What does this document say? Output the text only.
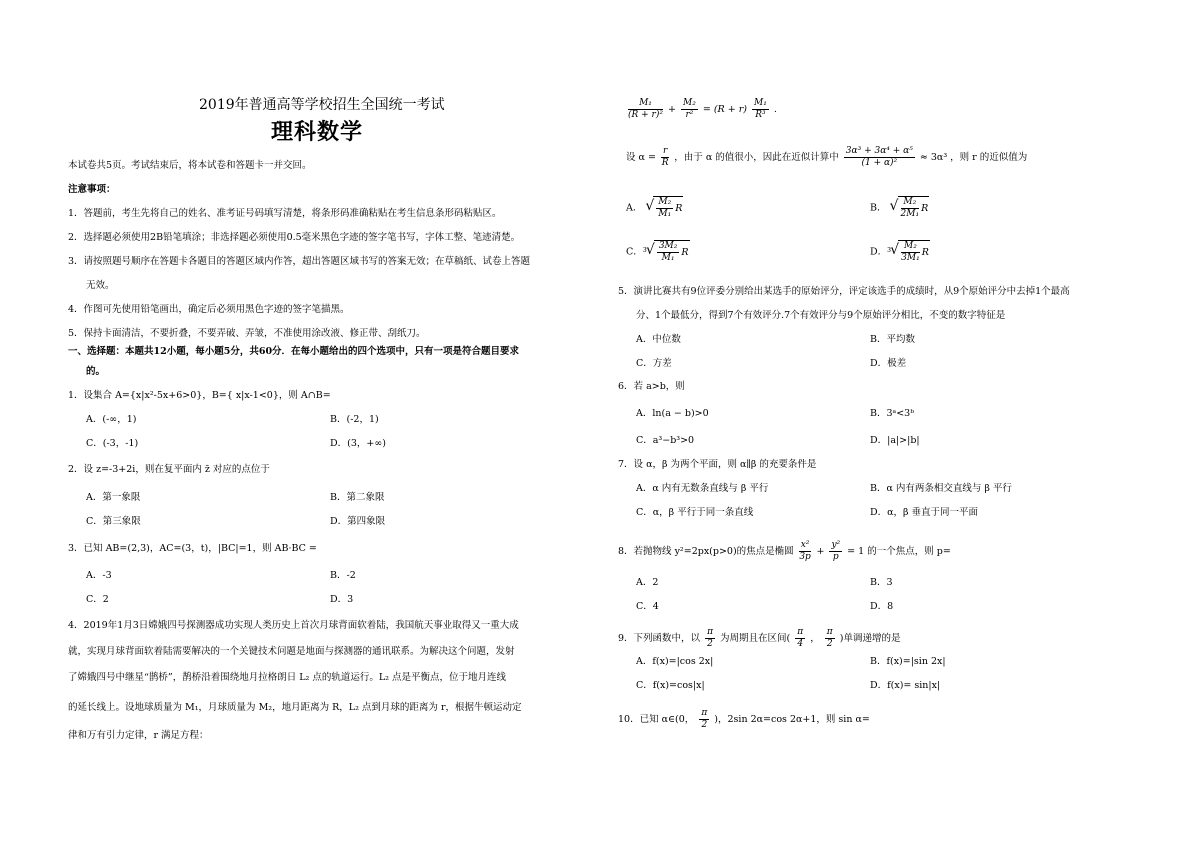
2019年普通高等学校招生全国统一考试
理科数学
本试卷共5页。考试结束后，将本试卷和答题卡一并交回。
注意事项：
1．答题前，考生先将自己的姓名、准考证号码填写清楚，将条形码准确粘贴在考生信息条形码粘贴区。
2．选择题必须使用2B铅笔填涂；非选择题必须使用0.5毫米黑色字迹的签字笔书写，字体工整、笔迹清楚。
3．请按照题号顺序在答题卡各题目的答题区域内作答，超出答题区域书写的答案无效；在草稿纸、试卷上答题
无效。
4．作图可先使用铅笔画出，确定后必须用黑色字迹的签字笔描黑。
5．保持卡面清洁，不要折叠，不要弄破、弄皱，不准使用涂改液、修正带、刮纸刀。
一、选择题：本题共12小题，每小题5分，共60分．在每小题给出的四个选项中，只有一项是符合题目要求
的。
1．设集合 A={x|x²-5x+6>0}，B={ x|x-1<0}，则 A∩B=
A．(-∞，1)	B．(-2，1)
C．(-3，-1)	D．(3，+∞)
2．设 z=-3+2i，则在复平面内 z̄ 对应的点位于
A．第一象限	B．第二象限
C．第三象限	D．第四象限
3．已知 AB=(2,3)，AC=(3，t)，|BC|=1，则 AB·BC =
A．-3	B．-2
C．2	D．3
4．2019年1月3日嫦娥四号探测器成功实现人类历史上首次月球背面软着陆，我国航天事业取得又一重大成
就，实现月球背面软着陆需要解决的一个关键技术问题是地面与探测器的通讯联系。为解决这个问题，发射
了嫦娥四号中继星“鹊桥”，鹊桥沿着围绕地月拉格朗日 L₂ 点的轨道运行。L₂ 点是平衡点，位于地月连线
的延长线上。设地球质量为 M₁，月球质量为 M₂，地月距离为 R，L₂ 点到月球的距离为 r，根据牛顿运动定
律和万有引力定律，r 满足方程：
$\frac{\text{M₁}}{\text{(R + r)²}} + \frac{\text{M₂}}{\text{r²}} = (R + r) \frac{\text{M₁}}{\text{R³}}$ .
设 $\alpha = \frac{r}{R}$ ，由于 α 的值很小，因此在近似计算中 $\frac{\text{3α³ + 3α⁴ + α⁵}}{\text{(1 + α)²}} \approx 3\alpha^3$ ，则 r 的近似值为
A． √ $\frac{\text{M₂}}{\text{M₁}}$ R	B． √ $\frac{\text{M₂}}{\text{2M₁}}$ R
C． √ $3 \frac{\text{3M₂}}{\text{M₁}}$ R	D． √ $3 \frac{\text{M₂}}{\text{3M₁}}$ R
5．演讲比赛共有9位评委分别给出某选手的原始评分，评定该选手的成绩时，从9个原始评分中去掉1个最高
分、1个最低分，得到7个有效评分.7个有效评分与9个原始评分相比，不变的数字特征是
A．中位数	B．平均数
C．方差	D．极差
6．若 a>b，则
A．ln(a − b)>0	B．3ᵃ<3ᵇ
C．a³−b³>0	D．|a|>|b|
7．设 α，β 为两个平面，则 α∥β 的充要条件是
A．α 内有无数条直线与 β 平行	B．α 内有两条相交直线与 β 平行
C．α，β 平行于同一条直线	D．α，β 垂直于同一平面
8．若抛物线 y²=2px(p>0)的焦点是椭圆 $\frac{\text{x²}}{3p} + \frac{\text{y²}}{p} = 1$ 的一个焦点，则 p=
A．2	B．3
C．4	D．8
9．下列函数中，以 $\frac{\pi}{2}$ 为周期且在区间( $\frac{\pi}{4}$ ， $\frac{\pi}{2}$ )单调递增的是
A．f(x)=|cos 2x|	B．f(x)=|sin 2x|
C．f(x)=cos|x|	D．f(x)= sin|x|
10．已知 α∈(0， $\frac{\pi}{2}$ )，2sin 2α=cos 2α+1，则 sin α=
